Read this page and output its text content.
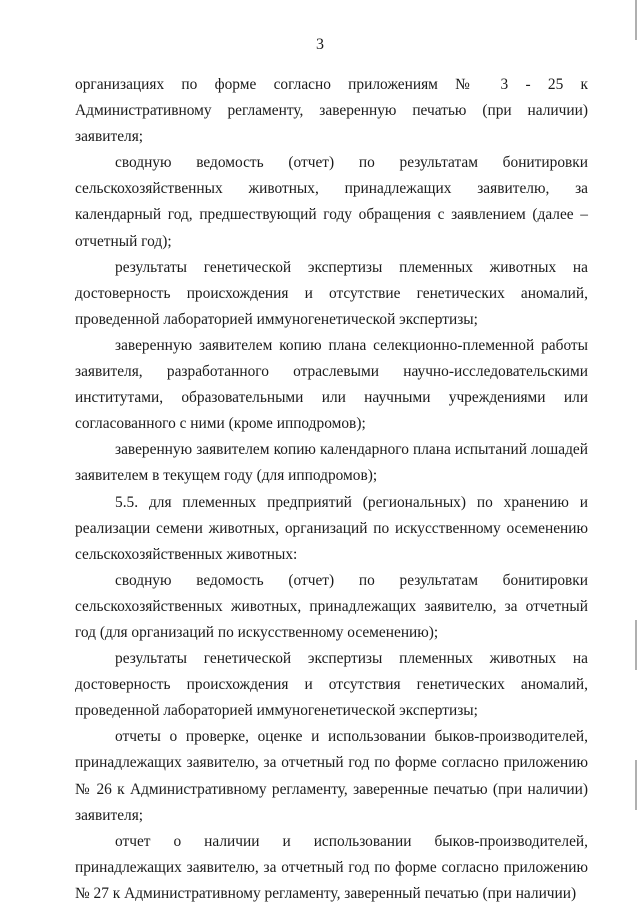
3

организациях по форме согласно приложениям № 3 - 25 к Административному регламенту, заверенную печатью (при наличии) заявителя;

сводную ведомость (отчет) по результатам бонитировки сельскохозяйственных животных, принадлежащих заявителю, за календарный год, предшествующий году обращения с заявлением (далее – отчетный год);

результаты генетической экспертизы племенных животных на достоверность происхождения и отсутствие генетических аномалий, проведенной лабораторией иммуногенетической экспертизы;

заверенную заявителем копию плана селекционно-племенной работы заявителя, разработанного отраслевыми научно-исследовательскими институтами, образовательными или научными учреждениями или согласованного с ними (кроме ипподромов);

заверенную заявителем копию календарного плана испытаний лошадей заявителем в текущем году (для ипподромов);

5.5. для племенных предприятий (региональных) по хранению и реализации семени животных, организаций по искусственному осеменению сельскохозяйственных животных:

сводную ведомость (отчет) по результатам бонитировки сельскохозяйственных животных, принадлежащих заявителю, за отчетный год (для организаций по искусственному осеменению);

результаты генетической экспертизы племенных животных на достоверность происхождения и отсутствия генетических аномалий, проведенной лабораторией иммуногенетической экспертизы;

отчеты о проверке, оценке и использовании быков-производителей, принадлежащих заявителю, за отчетный год по форме согласно приложению № 26 к Административному регламенту, заверенные печатью (при наличии) заявителя;

отчет о наличии и использовании быков-производителей, принадлежащих заявителю, за отчетный год по форме согласно приложению № 27 к Административному регламенту, заверенный печатью (при наличии)
